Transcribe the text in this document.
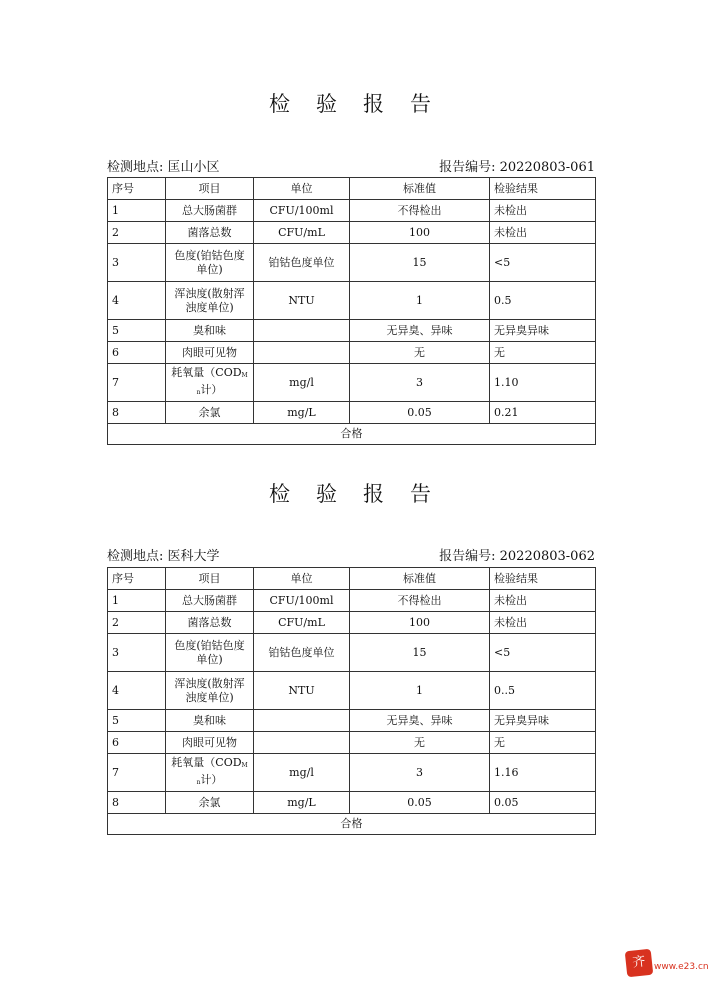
检验报告
检测地点: 匡山小区	报告编号: 20220803-061
序号	项目	单位	标准值	检验结果
1	总大肠菌群	CFU/100ml	不得检出	未检出
2	菌落总数	CFU/mL	100	未检出
3	色度(铂钴色度单位)	铂钴色度单位	15	<5
4	浑浊度(散射浑浊度单位)	NTU	1	0.5
5	臭和味		无异臭、异味	无异臭异味
6	肉眼可见物		无	无
7	耗氧量（CODMn计）	mg/l	3	1.10
8	余氯	mg/L	0.05	0.21
合格				
检验报告
检测地点: 医科大学	报告编号: 20220803-062
序号	项目	单位	标准值	检验结果
1	总大肠菌群	CFU/100ml	不得检出	未检出
2	菌落总数	CFU/mL	100	未检出
3	色度(铂钴色度单位)	铂钴色度单位	15	<5
4	浑浊度(散射浑浊度单位)	NTU	1	0..5
5	臭和味		无异臭、异味	无异臭异味
6	肉眼可见物		无	无
7	耗氧量（CODMn计）	mg/l	3	1.16
8	余氯	mg/L	0.05	0.05
合格				
齐 www.e23.cn
